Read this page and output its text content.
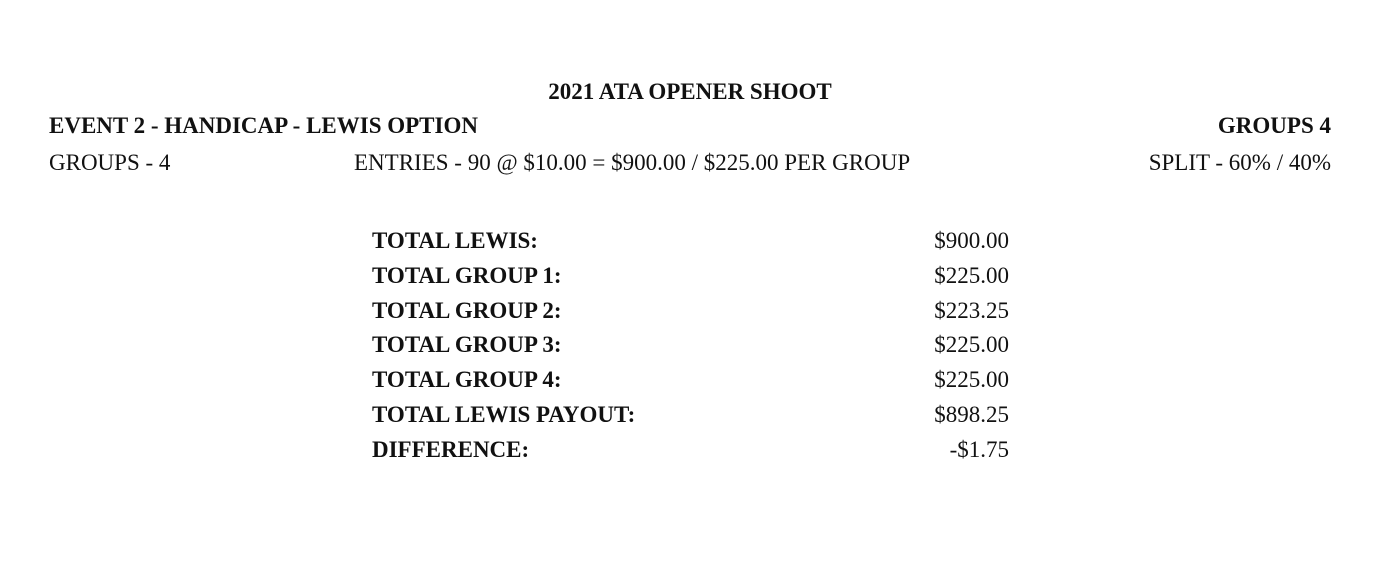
2021 ATA OPENER SHOOT
EVENT 2 - HANDICAP - LEWIS OPTION	GROUPS 4
GROUPS - 4	ENTRIES - 90 @ $10.00 = $900.00 / $225.00 PER GROUP	SPLIT - 60% / 40%
TOTAL LEWIS:	$900.00
TOTAL GROUP 1:	$225.00
TOTAL GROUP 2:	$223.25
TOTAL GROUP 3:	$225.00
TOTAL GROUP 4:	$225.00
TOTAL LEWIS PAYOUT:	$898.25
DIFFERENCE:	-$1.75
